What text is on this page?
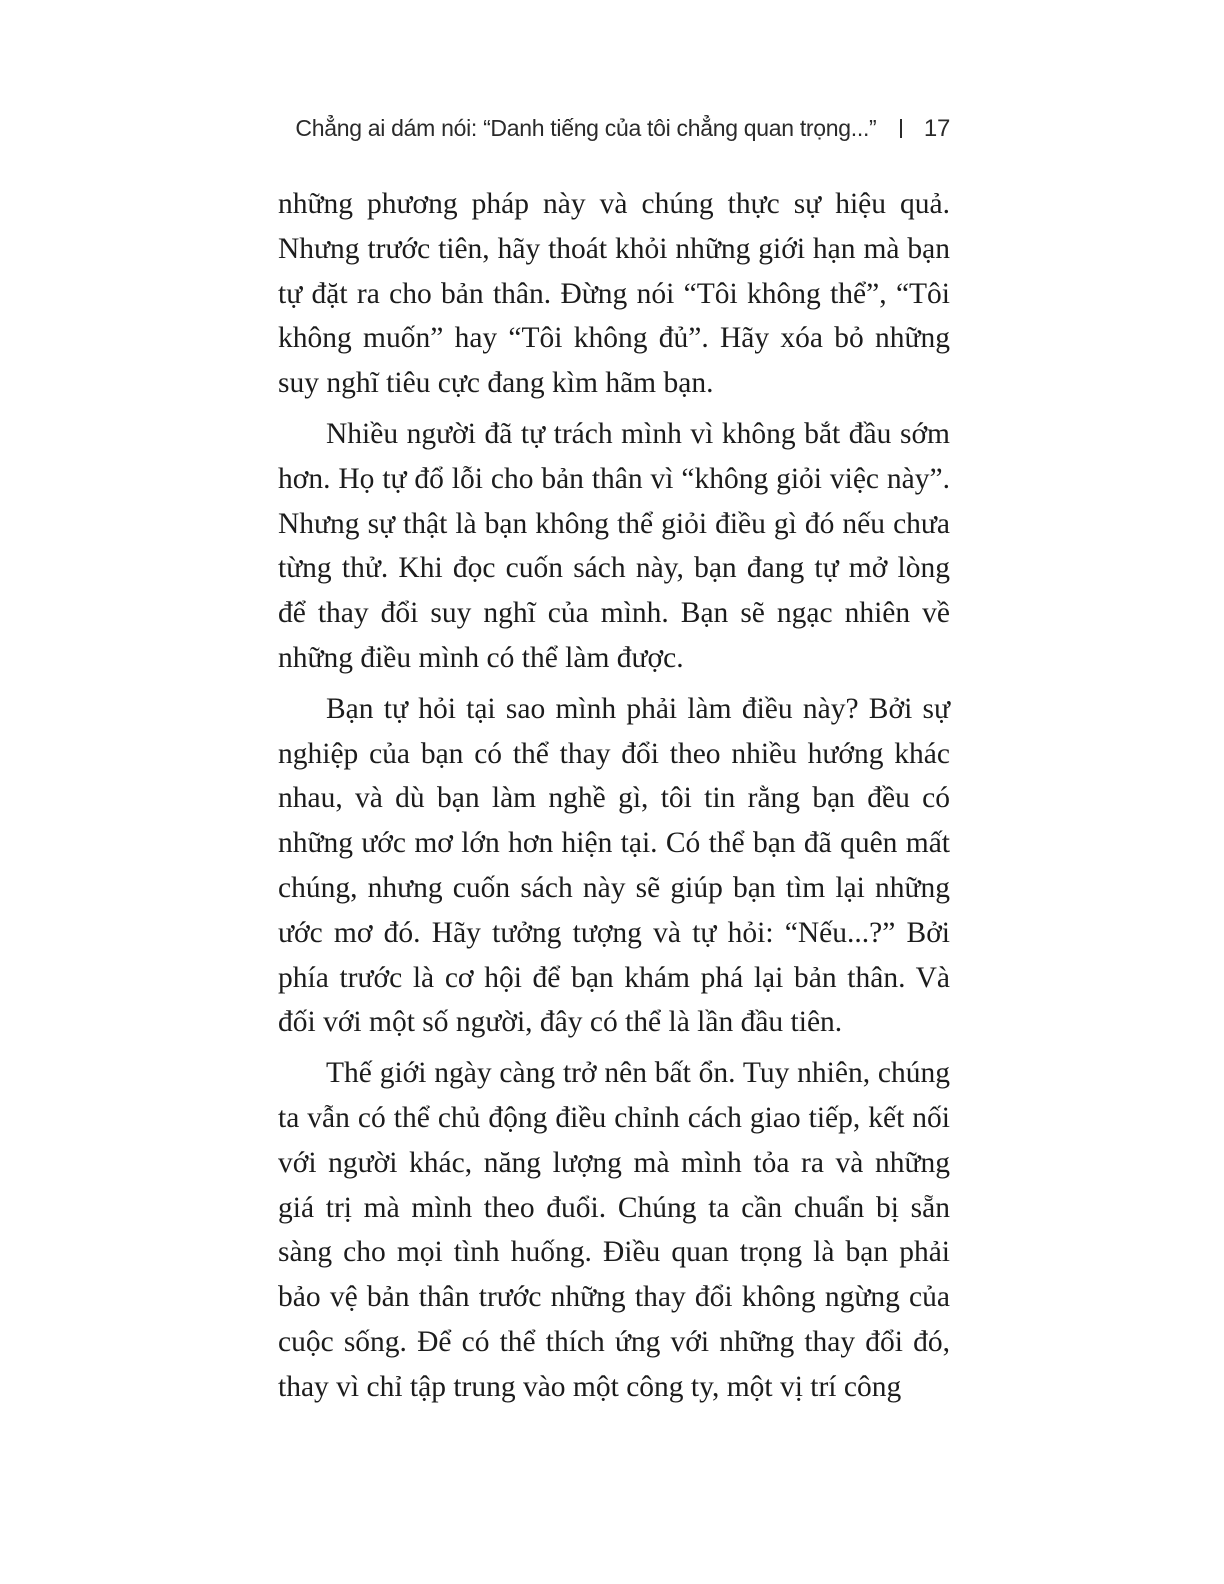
Chẳng ai dám nói: “Danh tiếng của tôi chẳng quan trọng...” 17

những phương pháp này và chúng thực sự hiệu quả. Nhưng trước tiên, hãy thoát khỏi những giới hạn mà bạn tự đặt ra cho bản thân. Đừng nói “Tôi không thể”, “Tôi không muốn” hay “Tôi không đủ”. Hãy xóa bỏ những suy nghĩ tiêu cực đang kìm hãm bạn.

Nhiều người đã tự trách mình vì không bắt đầu sớm hơn. Họ tự đổ lỗi cho bản thân vì “không giỏi việc này”. Nhưng sự thật là bạn không thể giỏi điều gì đó nếu chưa từng thử. Khi đọc cuốn sách này, bạn đang tự mở lòng để thay đổi suy nghĩ của mình. Bạn sẽ ngạc nhiên về những điều mình có thể làm được.

Bạn tự hỏi tại sao mình phải làm điều này? Bởi sự nghiệp của bạn có thể thay đổi theo nhiều hướng khác nhau, và dù bạn làm nghề gì, tôi tin rằng bạn đều có những ước mơ lớn hơn hiện tại. Có thể bạn đã quên mất chúng, nhưng cuốn sách này sẽ giúp bạn tìm lại những ước mơ đó. Hãy tưởng tượng và tự hỏi: “Nếu...?” Bởi phía trước là cơ hội để bạn khám phá lại bản thân. Và đối với một số người, đây có thể là lần đầu tiên.

Thế giới ngày càng trở nên bất ổn. Tuy nhiên, chúng ta vẫn có thể chủ động điều chỉnh cách giao tiếp, kết nối với người khác, năng lượng mà mình tỏa ra và những giá trị mà mình theo đuổi. Chúng ta cần chuẩn bị sẵn sàng cho mọi tình huống. Điều quan trọng là bạn phải bảo vệ bản thân trước những thay đổi không ngừng của cuộc sống. Để có thể thích ứng với những thay đổi đó, thay vì chỉ tập trung vào một công ty, một vị trí công
